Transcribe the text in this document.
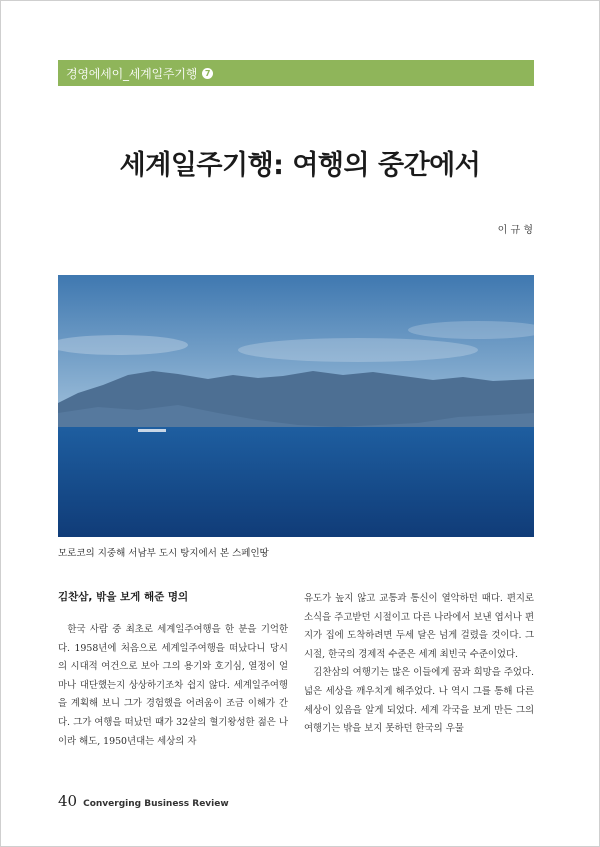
경영에세이_세계일주기행 7
세계일주기행: 여행의 중간에서
이 규 형
모로코의 지중해 서남부 도시 탕지에서 본 스페인땅

김찬삼, 밖을 보게 해준 명의

한국 사람 중 최초로 세계일주여행을 한 분을 기억한다. 1958년에 처음으로 세계일주여행을 떠났다니 당시의 시대적 여건으로 보아 그의 용기와 호기심, 열정이 얼마나 대단했는지 상상하기조차 쉽지 않다. 세계일주여행을 계획해 보니 그가 경험했을 어려움이 조금 이해가 간다. 그가 여행을 떠났던 때가 32살의 혈기왕성한 젊은 나이라 해도, 1950년대는 세상의 자

유도가 높지 않고 교통과 통신이 열악하던 때다. 편지로 소식을 주고받던 시절이고 다른 나라에서 보낸 엽서나 편지가 집에 도착하려면 두세 달은 넘게 걸렸을 것이다. 그 시절, 한국의 경제적 수준은 세계 최빈국 수준이었다.

김찬삼의 여행기는 많은 이들에게 꿈과 희망을 주었다. 넓은 세상을 깨우치게 해주었다. 나 역시 그를 통해 다른 세상이 있음을 알게 되었다. 세계 각국을 보게 만든 그의 여행기는 밖을 보지 못하던 한국의 우물

40 Converging Business Review
